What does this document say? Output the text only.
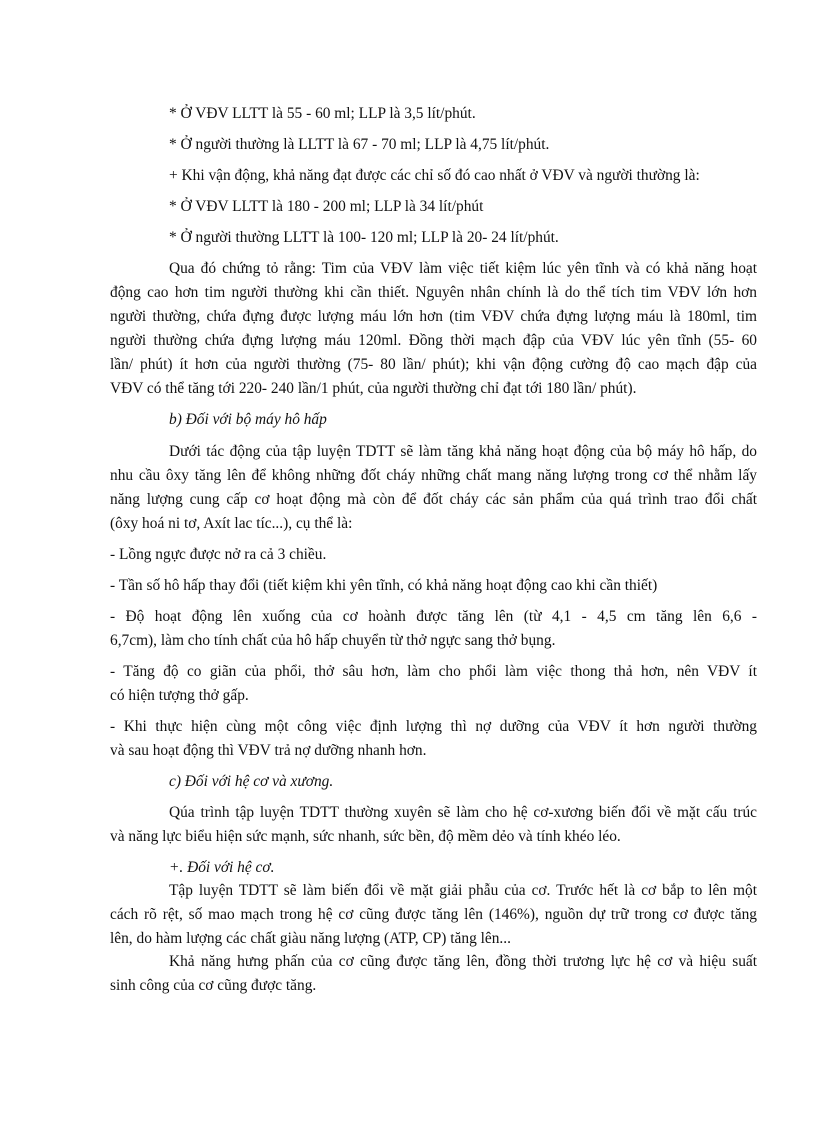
* Ở VĐV LLTT là 55 - 60 ml; LLP là 3,5 lít/phút.
* Ở người thường là LLTT là 67 - 70 ml; LLP là 4,75 lít/phút.
+ Khi vận động, khả năng đạt được các chỉ số đó cao nhất ở VĐV và người thường là:
* Ở VĐV LLTT là 180 - 200 ml; LLP là 34 lít/phút
* Ở người thường LLTT là 100- 120 ml; LLP là 20- 24 lít/phút.
Qua đó chứng tỏ rằng: Tim của VĐV làm việc tiết kiệm lúc yên tĩnh và có khả năng hoạt
động cao hơn tim người thường khi cần thiết. Nguyên nhân chính là do thể tích tim VĐV lớn hơn
người thường, chứa đựng được lượng máu lớn hơn (tim VĐV chứa đựng lượng máu là 180ml, tim
người thường chứa đựng lượng máu 120ml. Đồng thời mạch đập của VĐV lúc yên tĩnh (55- 60
lần/ phút) ít hơn của người thường (75- 80 lần/ phút); khi vận động cường độ cao mạch đập của
VĐV có thể tăng tới 220- 240 lần/1 phút, của người thường chỉ đạt tới 180 lần/ phút).
b) Đối với bộ máy hô hấp
Dưới tác động của tập luyện TDTT sẽ làm tăng khả năng hoạt động của bộ máy hô hấp, do
nhu cầu ôxy tăng lên để không những đốt cháy những chất mang năng lượng trong cơ thể nhằm lấy
năng lượng cung cấp cơ hoạt động mà còn để đốt cháy các sản phẩm của quá trình trao đổi chất
(ôxy hoá ni tơ, Axít lac tíc...), cụ thể là:
- Lồng ngực được nở ra cả 3 chiều.
- Tần số hô hấp thay đổi (tiết kiệm khi yên tĩnh, có khả năng hoạt động cao khi cần thiết)
- Độ hoạt động lên xuống của cơ hoành được tăng lên (từ 4,1 - 4,5 cm tăng lên 6,6 -
6,7cm), làm cho tính chất của hô hấp chuyển từ thở ngực sang thở bụng.
- Tăng độ co giãn của phổi, thở sâu hơn, làm cho phổi làm việc thong thả hơn, nên VĐV ít
có hiện tượng thở gấp.
- Khi thực hiện cùng một công việc định lượng thì nợ dưỡng của VĐV ít hơn người thường
và sau hoạt động thì VĐV trả nợ dưỡng nhanh hơn.
c) Đối với hệ cơ và xương.
Qúa trình tập luyện TDTT thường xuyên sẽ làm cho hệ cơ-xương biến đổi về mặt cấu trúc
và năng lực biểu hiện sức mạnh, sức nhanh, sức bền, độ mềm dẻo và tính khéo léo.
+. Đối với hệ cơ.
Tập luyện TDTT sẽ làm biến đổi về mặt giải phẫu của cơ. Trước hết là cơ bắp to lên một
cách rõ rệt, số mao mạch trong hệ cơ cũng được tăng lên (146%), nguồn dự trữ trong cơ được tăng
lên, do hàm lượng các chất giàu năng lượng (ATP, CP) tăng lên...
Khả năng hưng phấn của cơ cũng được tăng lên, đồng thời trương lực hệ cơ và hiệu suất
sinh công của cơ cũng được tăng.
